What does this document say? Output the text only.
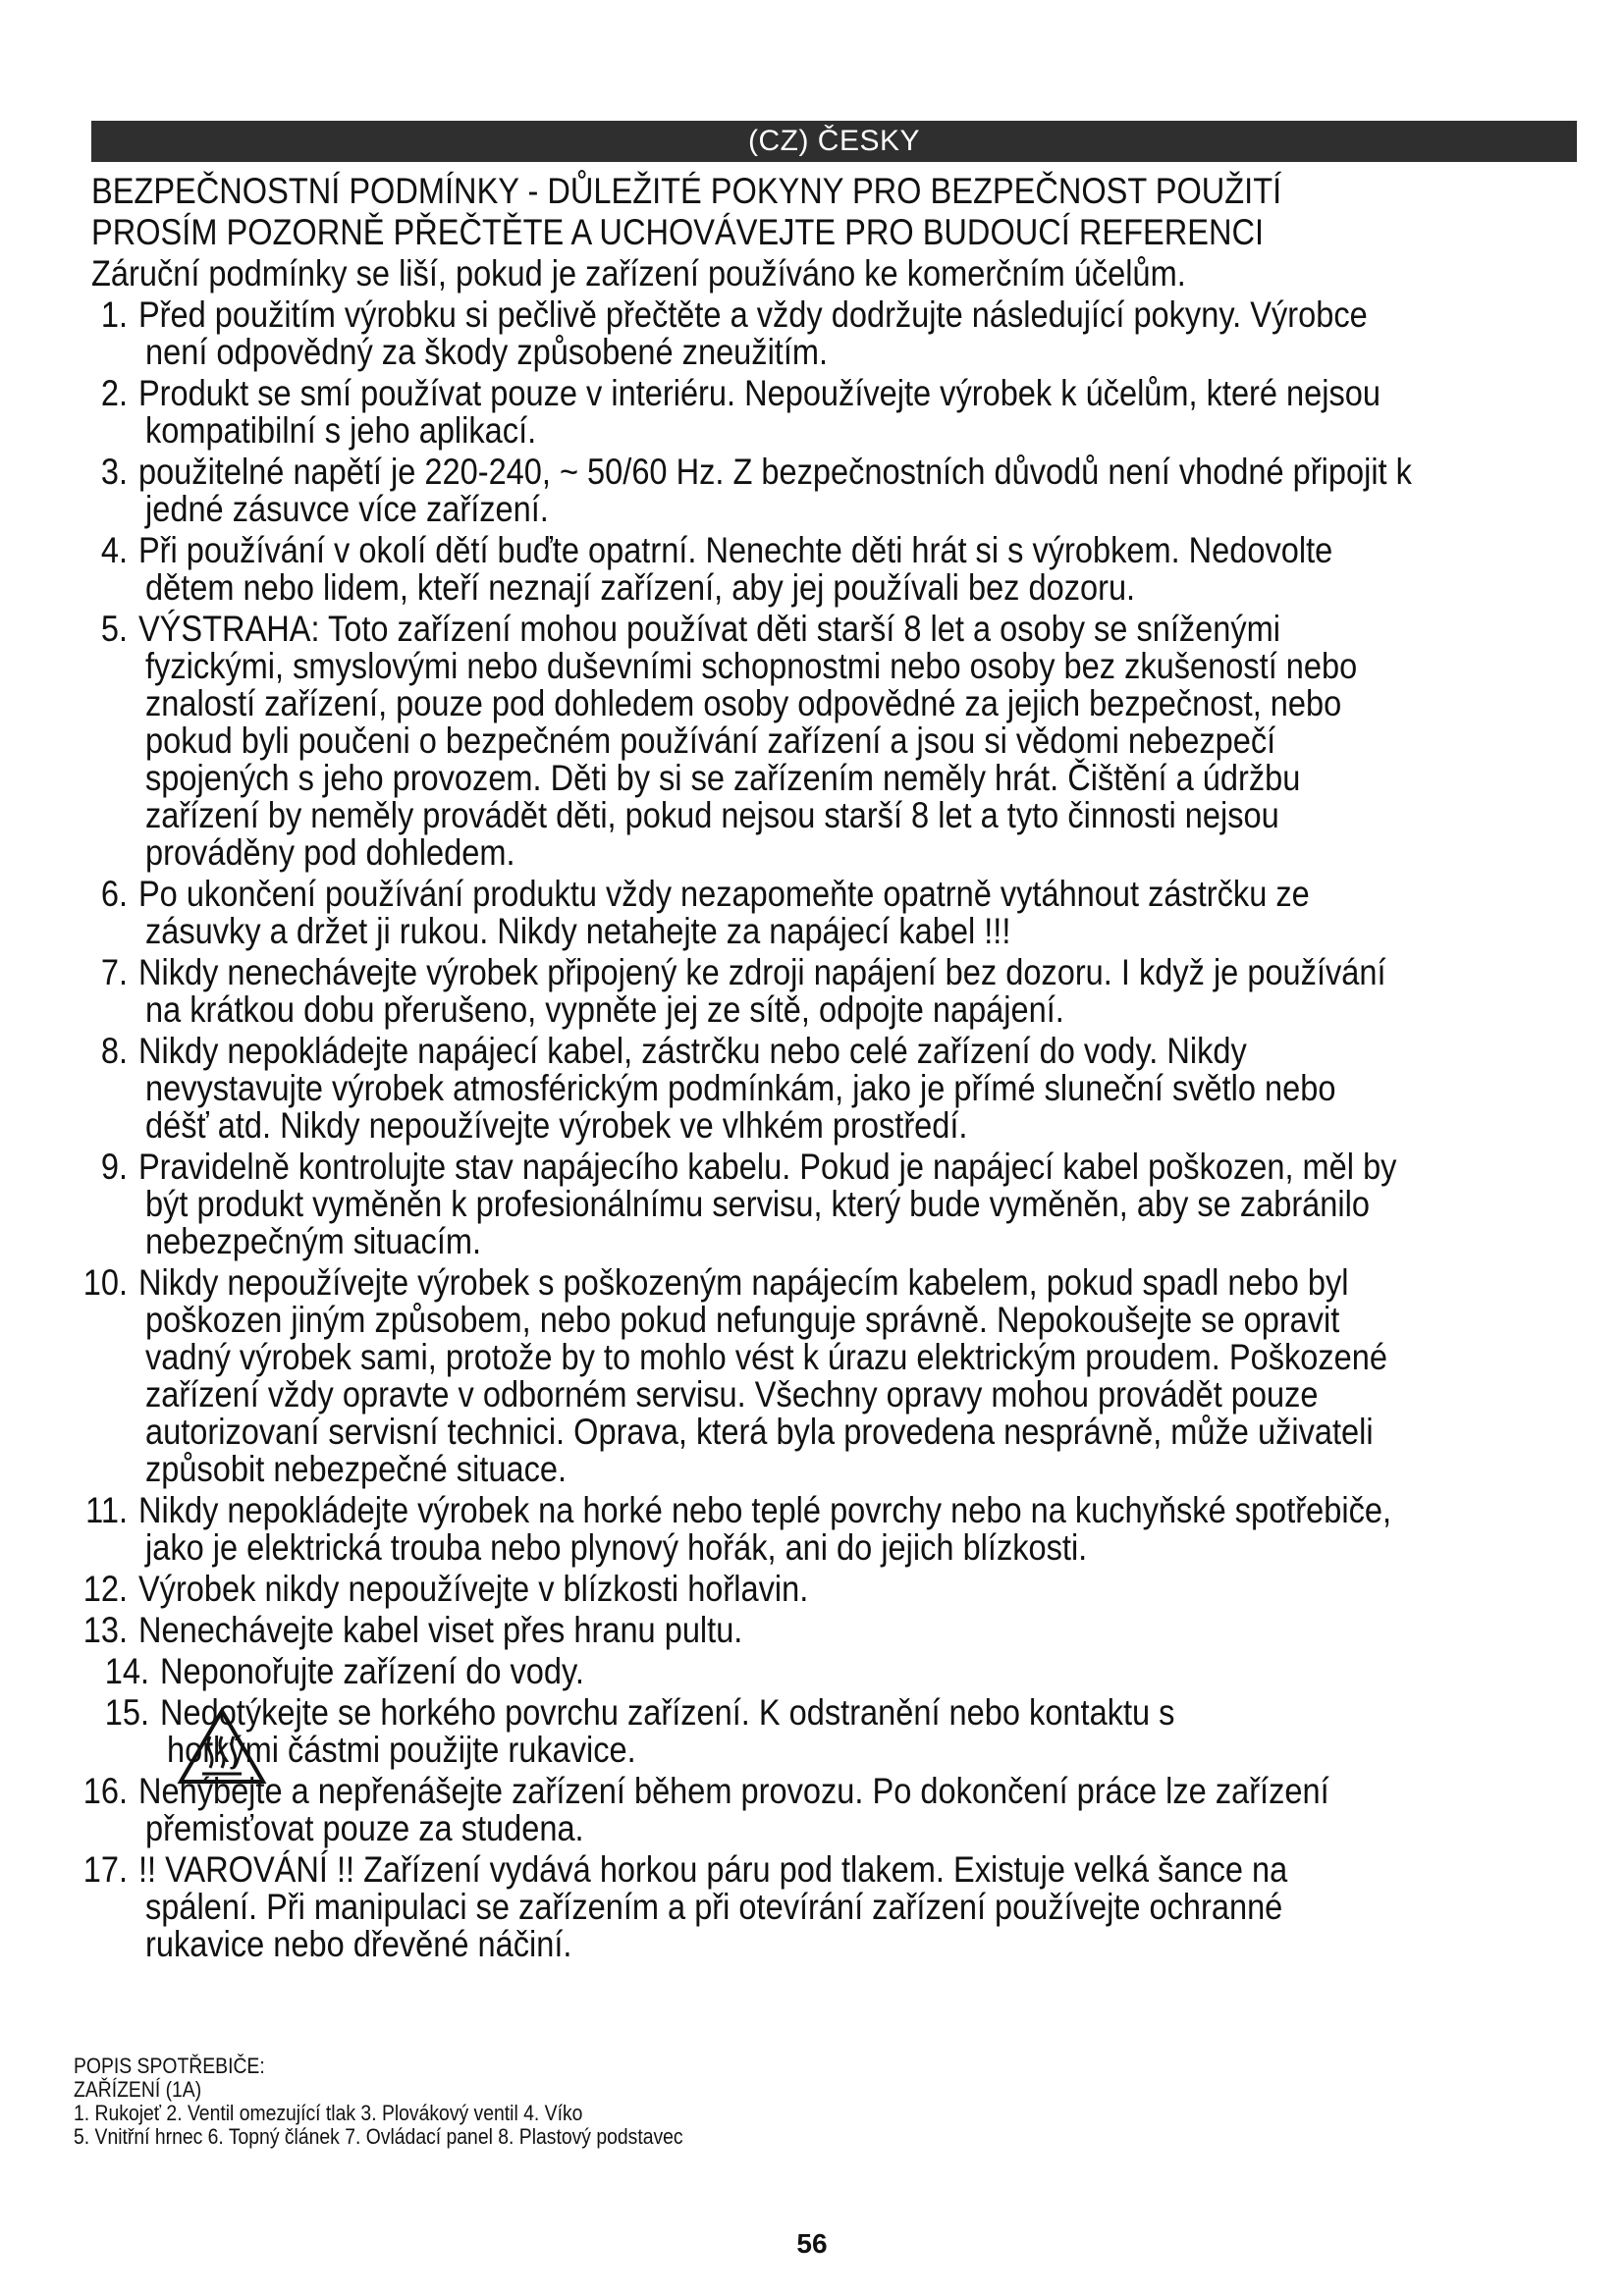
(CZ) ČESKY
BEZPEČNOSTNÍ PODMÍNKY - DŮLEŽITÉ POKYNY PRO BEZPEČNOST POUŽITÍ
PROSÍM POZORNĚ PŘEČTĚTE A UCHOVÁVEJTE PRO BUDOUCÍ REFERENCI
Záruční podmínky se liší, pokud je zařízení používáno ke komerčním účelům.
1. Před použitím výrobku si pečlivě přečtěte a vždy dodržujte následující pokyny. Výrobce
není odpovědný za škody způsobené zneužitím.
2. Produkt se smí používat pouze v interiéru. Nepoužívejte výrobek k účelům, které nejsou
kompatibilní s jeho aplikací.
3. použitelné napětí je 220-240, ~ 50/60 Hz. Z bezpečnostních důvodů není vhodné připojit k
jedné zásuvce více zařízení.
4. Při používání v okolí dětí buďte opatrní. Nenechte děti hrát si s výrobkem. Nedovolte
dětem nebo lidem, kteří neznají zařízení, aby jej používali bez dozoru.
5. VÝSTRAHA: Toto zařízení mohou používat děti starší 8 let a osoby se sníženými
fyzickými, smyslovými nebo duševními schopnostmi nebo osoby bez zkušeností nebo
znalostí zařízení, pouze pod dohledem osoby odpovědné za jejich bezpečnost, nebo
pokud byli poučeni o bezpečném používání zařízení a jsou si vědomi nebezpečí
spojených s jeho provozem. Děti by si se zařízením neměly hrát. Čištění a údržbu
zařízení by neměly provádět děti, pokud nejsou starší 8 let a tyto činnosti nejsou
prováděny pod dohledem.
6. Po ukončení používání produktu vždy nezapomeňte opatrně vytáhnout zástrčku ze
zásuvky a držet ji rukou. Nikdy netahejte za napájecí kabel !!!
7. Nikdy nenechávejte výrobek připojený ke zdroji napájení bez dozoru. I když je používání
na krátkou dobu přerušeno, vypněte jej ze sítě, odpojte napájení.
8. Nikdy nepokládejte napájecí kabel, zástrčku nebo celé zařízení do vody. Nikdy
nevystavujte výrobek atmosférickým podmínkám, jako je přímé sluneční světlo nebo
déšť atd. Nikdy nepoužívejte výrobek ve vlhkém prostředí.
9. Pravidelně kontrolujte stav napájecího kabelu. Pokud je napájecí kabel poškozen, měl by
být produkt vyměněn k profesionálnímu servisu, který bude vyměněn, aby se zabránilo
nebezpečným situacím.
10. Nikdy nepoužívejte výrobek s poškozeným napájecím kabelem, pokud spadl nebo byl
poškozen jiným způsobem, nebo pokud nefunguje správně. Nepokoušejte se opravit
vadný výrobek sami, protože by to mohlo vést k úrazu elektrickým proudem. Poškozené
zařízení vždy opravte v odborném servisu. Všechny opravy mohou provádět pouze
autorizovaní servisní technici. Oprava, která byla provedena nesprávně, může uživateli
způsobit nebezpečné situace.
11. Nikdy nepokládejte výrobek na horké nebo teplé povrchy nebo na kuchyňské spotřebiče,
jako je elektrická trouba nebo plynový hořák, ani do jejich blízkosti.
12. Výrobek nikdy nepoužívejte v blízkosti hořlavin.
13. Nenechávejte kabel viset přes hranu pultu.
14. Neponořujte zařízení do vody.
15. Nedotýkejte se horkého povrchu zařízení. K odstranění nebo kontaktu s
horkými částmi použijte rukavice.
16. Nehýbejte a nepřenášejte zařízení během provozu. Po dokončení práce lze zařízení
přemisťovat pouze za studena.
17. !! VAROVÁNÍ !! Zařízení vydává horkou páru pod tlakem. Existuje velká šance na
spálení. Při manipulaci se zařízením a při otevírání zařízení používejte ochranné
rukavice nebo dřevěné náčiní.
POPIS SPOTŘEBIČE:
ZAŘÍZENÍ (1A)
1. Rukojeť 2. Ventil omezující tlak 3. Plovákový ventil 4. Víko
5. Vnitřní hrnec 6. Topný článek 7. Ovládací panel 8. Plastový podstavec
56
